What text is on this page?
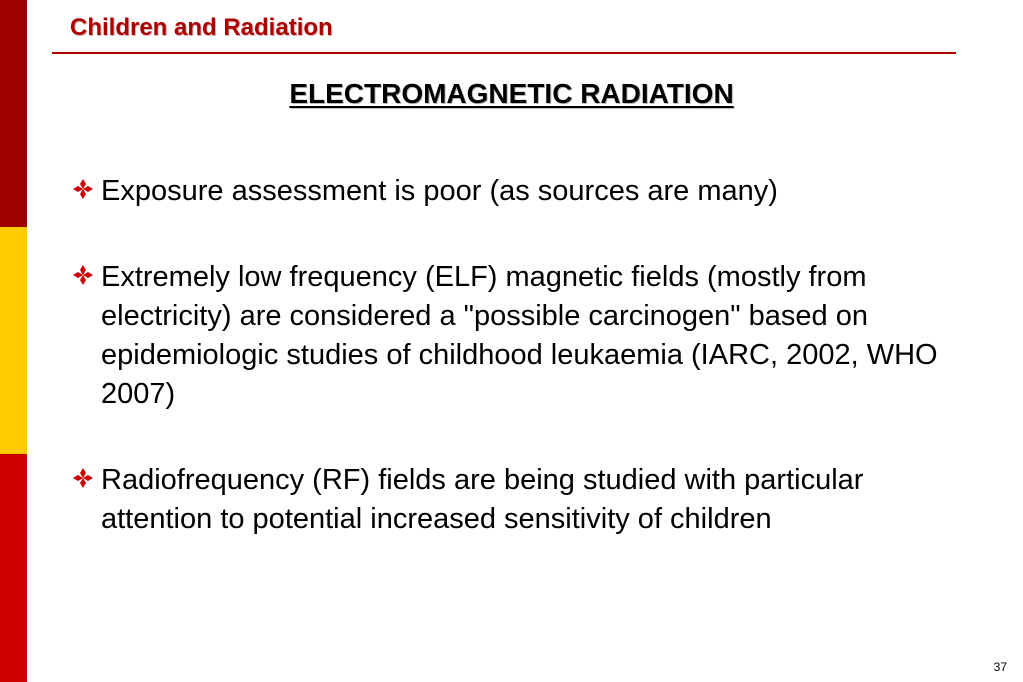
Children and Radiation
ELECTROMAGNETIC RADIATION
Exposure assessment is poor (as sources are many)
Extremely low frequency (ELF) magnetic fields (mostly from electricity) are considered a "possible carcinogen" based on epidemiologic studies of childhood leukaemia (IARC, 2002, WHO 2007)
Radiofrequency (RF) fields are being studied with particular attention to potential increased sensitivity of children
37
